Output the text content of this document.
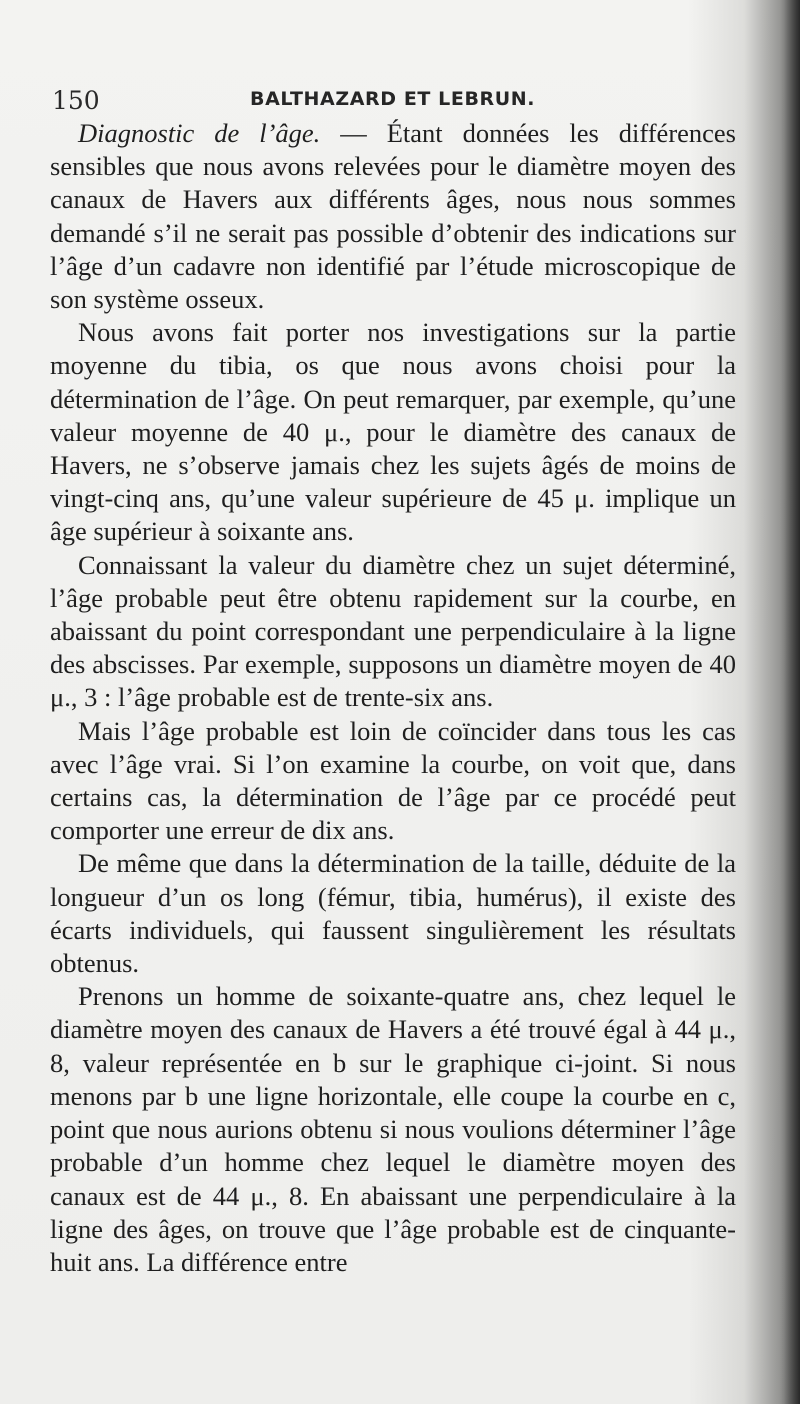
150	BALTHAZARD ET LEBRUN.

Diagnostic de l’âge. — Étant données les différences sensibles que nous avons relevées pour le diamètre moyen des canaux de Havers aux différents âges, nous nous sommes demandé s’il ne serait pas possible d’obtenir des indications sur l’âge d’un cadavre non identifié par l’étude microscopique de son système osseux.

Nous avons fait porter nos investigations sur la partie moyenne du tibia, os que nous avons choisi pour la détermination de l’âge. On peut remarquer, par exemple, qu’une valeur moyenne de 40 μ., pour le diamètre des canaux de Havers, ne s’observe jamais chez les sujets âgés de moins de vingt-cinq ans, qu’une valeur supérieure de 45 μ. implique un âge supérieur à soixante ans.

Connaissant la valeur du diamètre chez un sujet déterminé, l’âge probable peut être obtenu rapidement sur la courbe, en abaissant du point correspondant une perpendiculaire à la ligne des abscisses. Par exemple, supposons un diamètre moyen de 40 μ., 3 : l’âge probable est de trente-six ans.

Mais l’âge probable est loin de coïncider dans tous les cas avec l’âge vrai. Si l’on examine la courbe, on voit que, dans certains cas, la détermination de l’âge par ce procédé peut comporter une erreur de dix ans.

De même que dans la détermination de la taille, déduite de la longueur d’un os long (fémur, tibia, humérus), il existe des écarts individuels, qui faussent singulièrement les résultats obtenus.

Prenons un homme de soixante-quatre ans, chez lequel le diamètre moyen des canaux de Havers a été trouvé égal à 44 μ., 8, valeur représentée en b sur le graphique ci-joint. Si nous menons par b une ligne horizontale, elle coupe la courbe en c, point que nous aurions obtenu si nous voulions déterminer l’âge probable d’un homme chez lequel le diamètre moyen des canaux est de 44 μ., 8. En abaissant une perpendiculaire à la ligne des âges, on trouve que l’âge probable est de cinquante-huit ans. La différence entre
